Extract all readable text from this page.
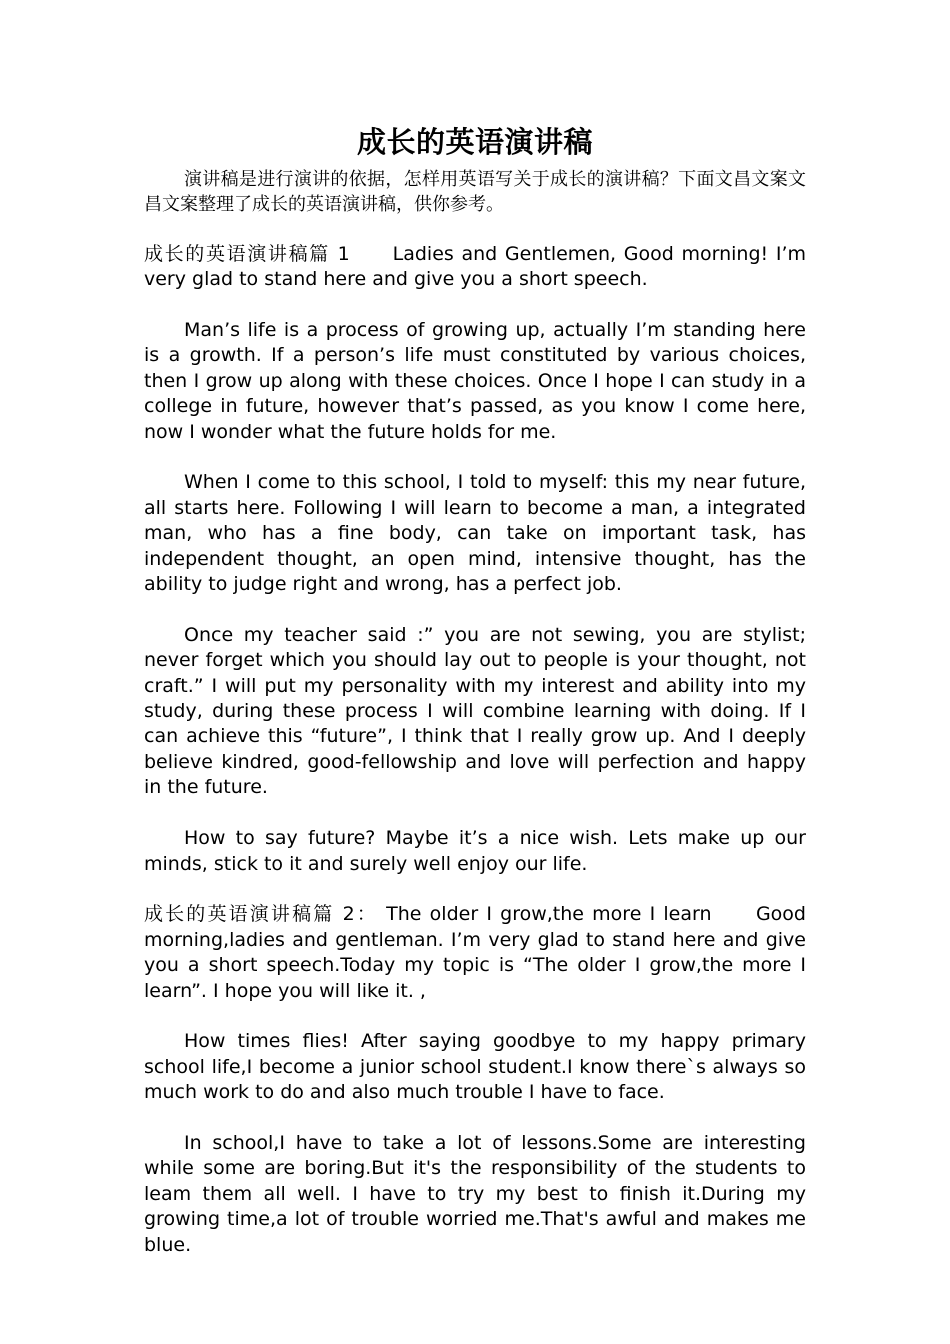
成长的英语演讲稿

演讲稿是进行演讲的依据，怎样用英语写关于成长的演讲稿？下面文昌文案文昌文案整理了成长的英语演讲稿，供你参考。

成长的英语演讲稿篇 1　　Ladies and Gentlemen, Good morning! I’m very glad to stand here and give you a short speech.

Man’s life is a process of growing up, actually I’m standing here is a growth. If a person’s life must constituted by various choices, then I grow up along with these choices. Once I hope I can study in a college in future, however that’s passed, as you know I come here, now I wonder what the future holds for me.

When I come to this school, I told to myself: this my near future, all starts here. Following I will learn to become a man, a integrated man, who has a fine body, can take on important task, has independent thought, an open mind, intensive thought, has the ability to judge right and wrong, has a perfect job.

Once my teacher said :” you are not sewing, you are stylist; never forget which you should lay out to people is your thought, not craft.” I will put my personality with my interest and ability into my study, during these process I will combine learning with doing. If I can achieve this “future”, I think that I really grow up. And I deeply believe kindred, good-fellowship and love will perfection and happy in the future.

How to say future? Maybe it’s a nice wish. Lets make up our minds, stick to it and surely well enjoy our life.

成长的英语演讲稿篇 2： The older I grow,the more I learn　　Good morning,ladies and gentleman. I’m very glad to stand here and give you a short speech.Today my topic is “The older I grow,the more I learn”. I hope you will like it. ,

How times flies! After saying goodbye to my happy primary school life,I become a junior school student.I know there`s always so much work to do and also much trouble I have to face.

In school,I have to take a lot of lessons.Some are interesting while some are boring.But it's the responsibility of the students to leam them all well. I have to try my best to finish it.During my growing time,a lot of trouble worried me.That's awful and makes me blue.
